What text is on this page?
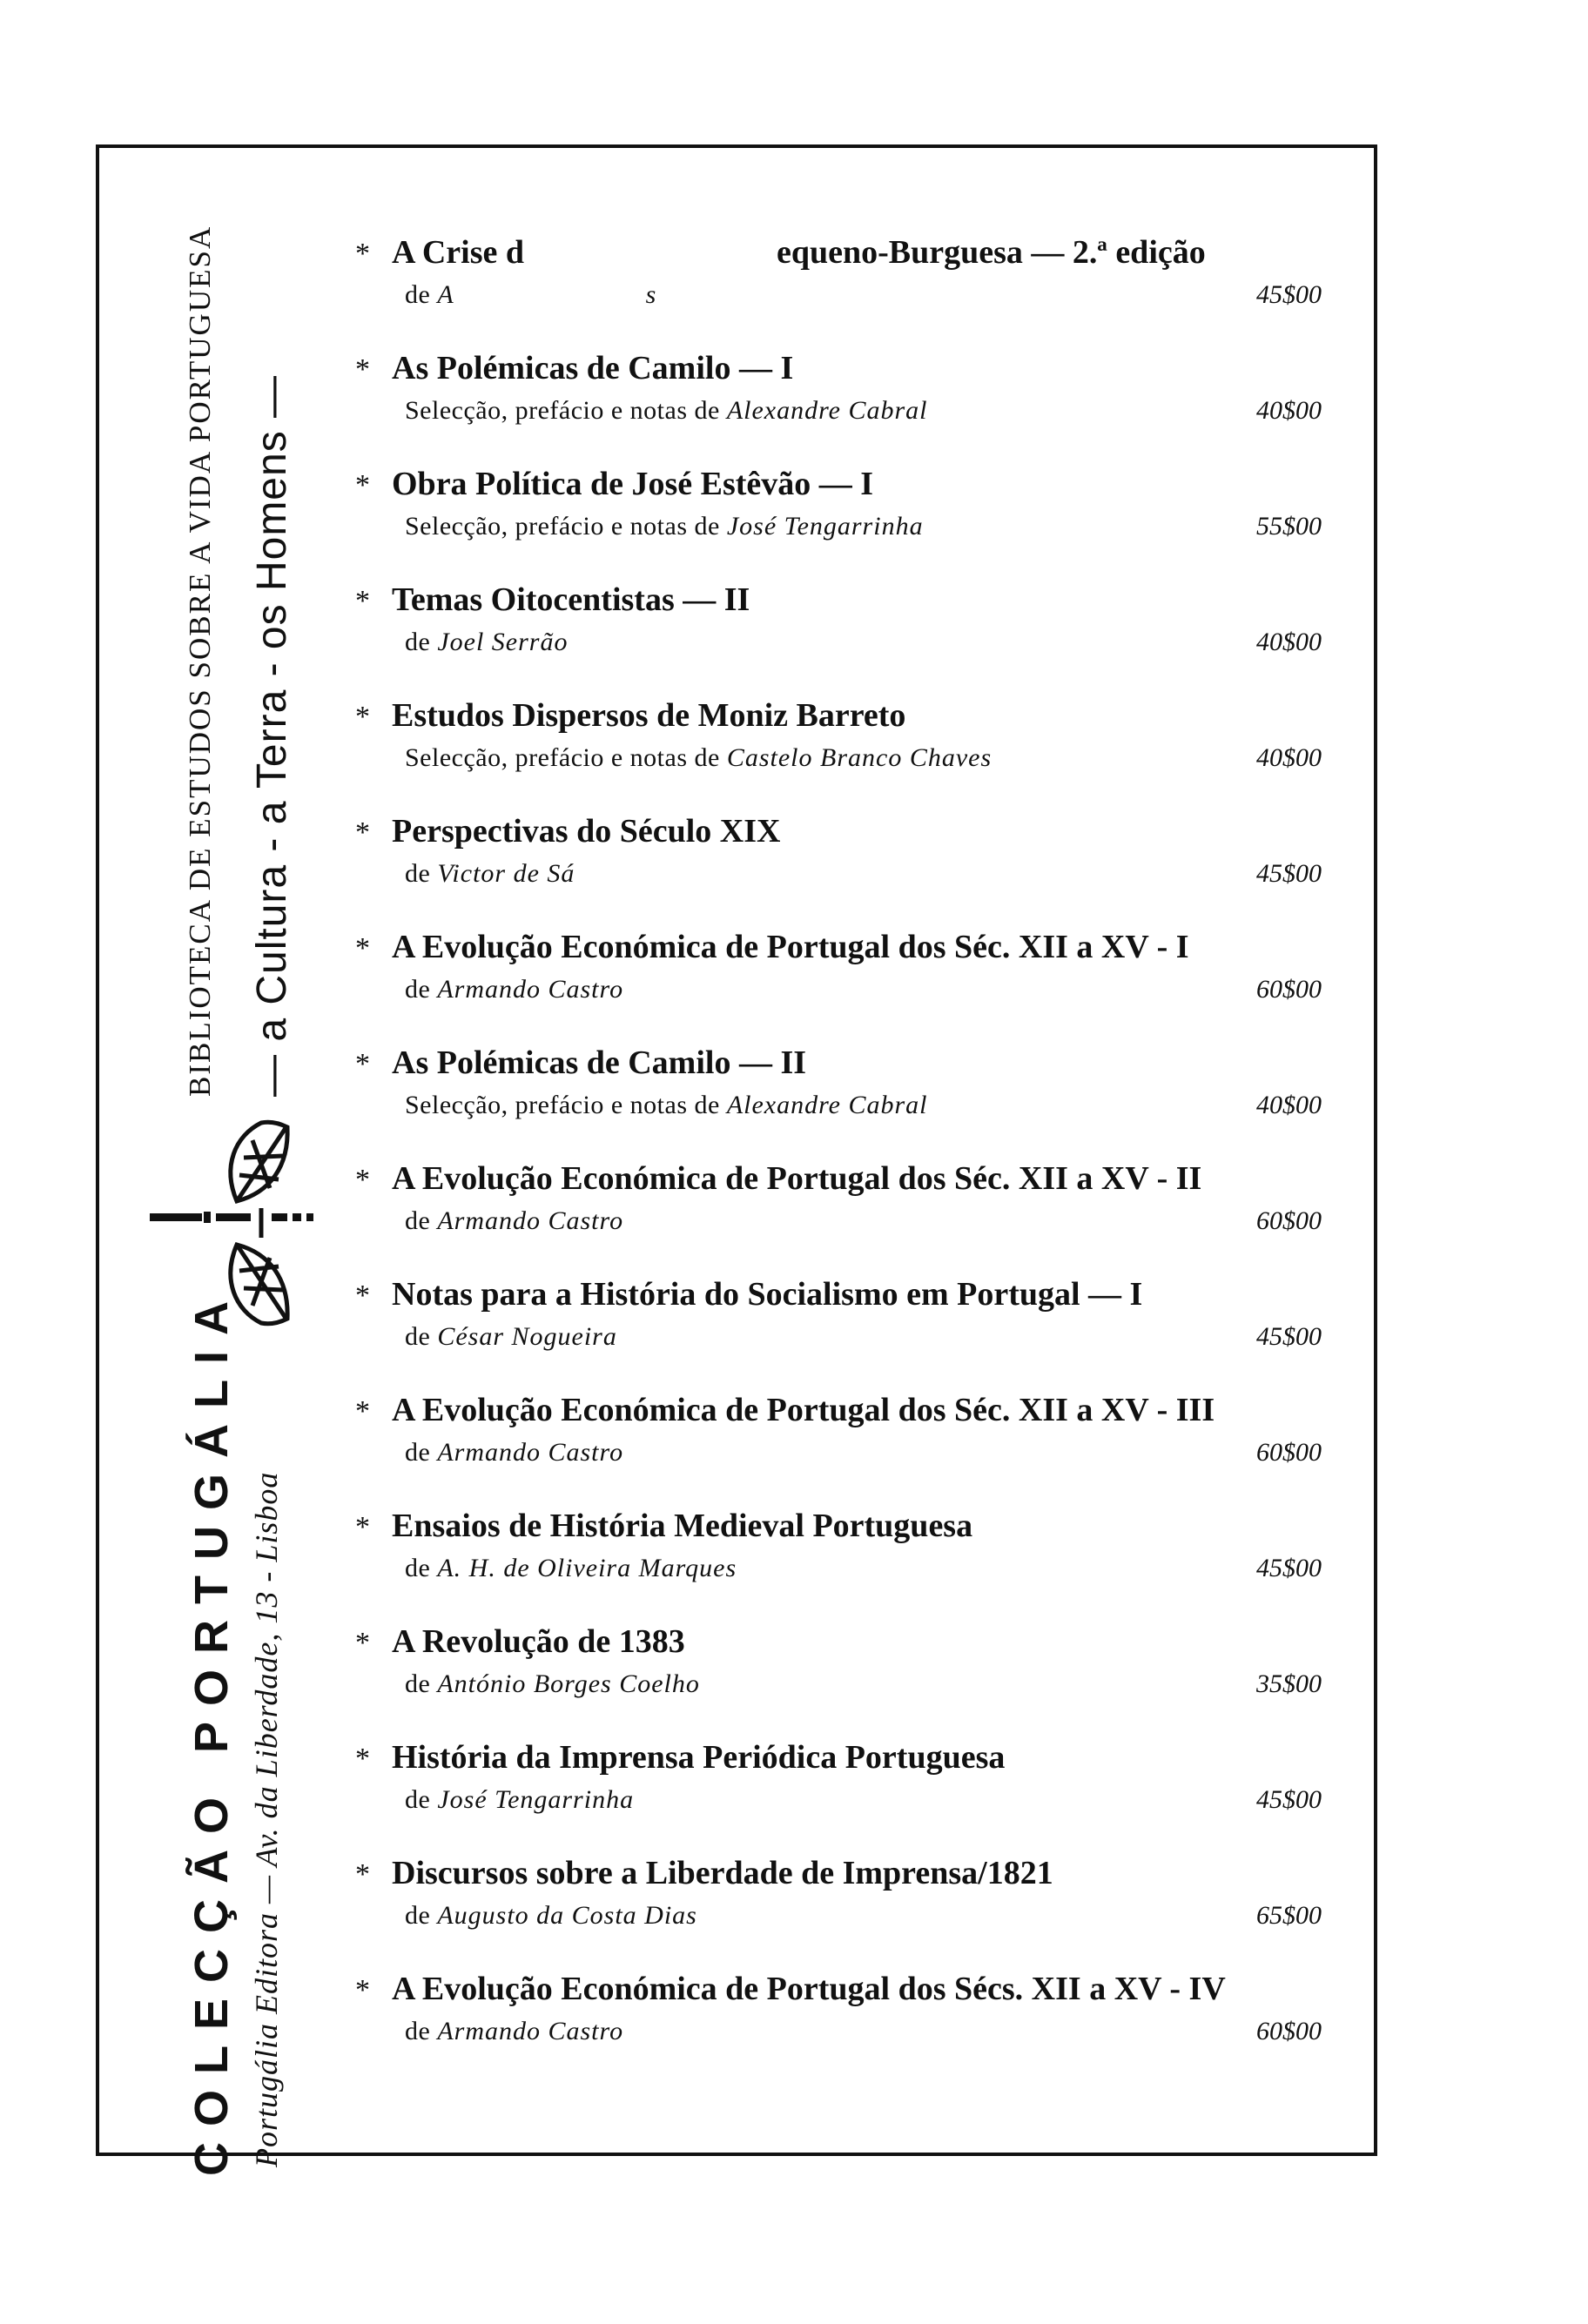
BIBLIOTECA DE ESTUDOS SOBRE A VIDA PORTUGUESA — a Cultura - a Terra - os Homens —
COLECÇÃO PORTUGÁLIA Portugália Editora — Av. da Liberdade, 13 - Lisboa
* A Crise d	equeno-Burguesa — 2.ª edição
de A	s	45$00
* As Polémicas de Camilo — I
Selecção, prefácio e notas de Alexandre Cabral	40$00
* Obra Política de José Estêvão — I
Selecção, prefácio e notas de José Tengarrinha	55$00
* Temas Oitocentistas — II
de Joel Serrão	40$00
* Estudos Dispersos de Moniz Barreto
Selecção, prefácio e notas de Castelo Branco Chaves	40$00
* Perspectivas do Século XIX
de Victor de Sá	45$00
* A Evolução Económica de Portugal dos Séc. XII a XV - I
de Armando Castro	60$00
* As Polémicas de Camilo — II
Selecção, prefácio e notas de Alexandre Cabral	40$00
* A Evolução Económica de Portugal dos Séc. XII a XV - II
de Armando Castro	60$00
* Notas para a História do Socialismo em Portugal — I
de César Nogueira	45$00
* A Evolução Económica de Portugal dos Séc. XII a XV - III
de Armando Castro	60$00
* Ensaios de História Medieval Portuguesa
de A. H. de Oliveira Marques	45$00
* A Revolução de 1383
de António Borges Coelho	35$00
* História da Imprensa Periódica Portuguesa
de José Tengarrinha	45$00
* Discursos sobre a Liberdade de Imprensa/1821
de Augusto da Costa Dias	65$00
* A Evolução Económica de Portugal dos Sécs. XII a XV - IV
de Armando Castro	60$00
